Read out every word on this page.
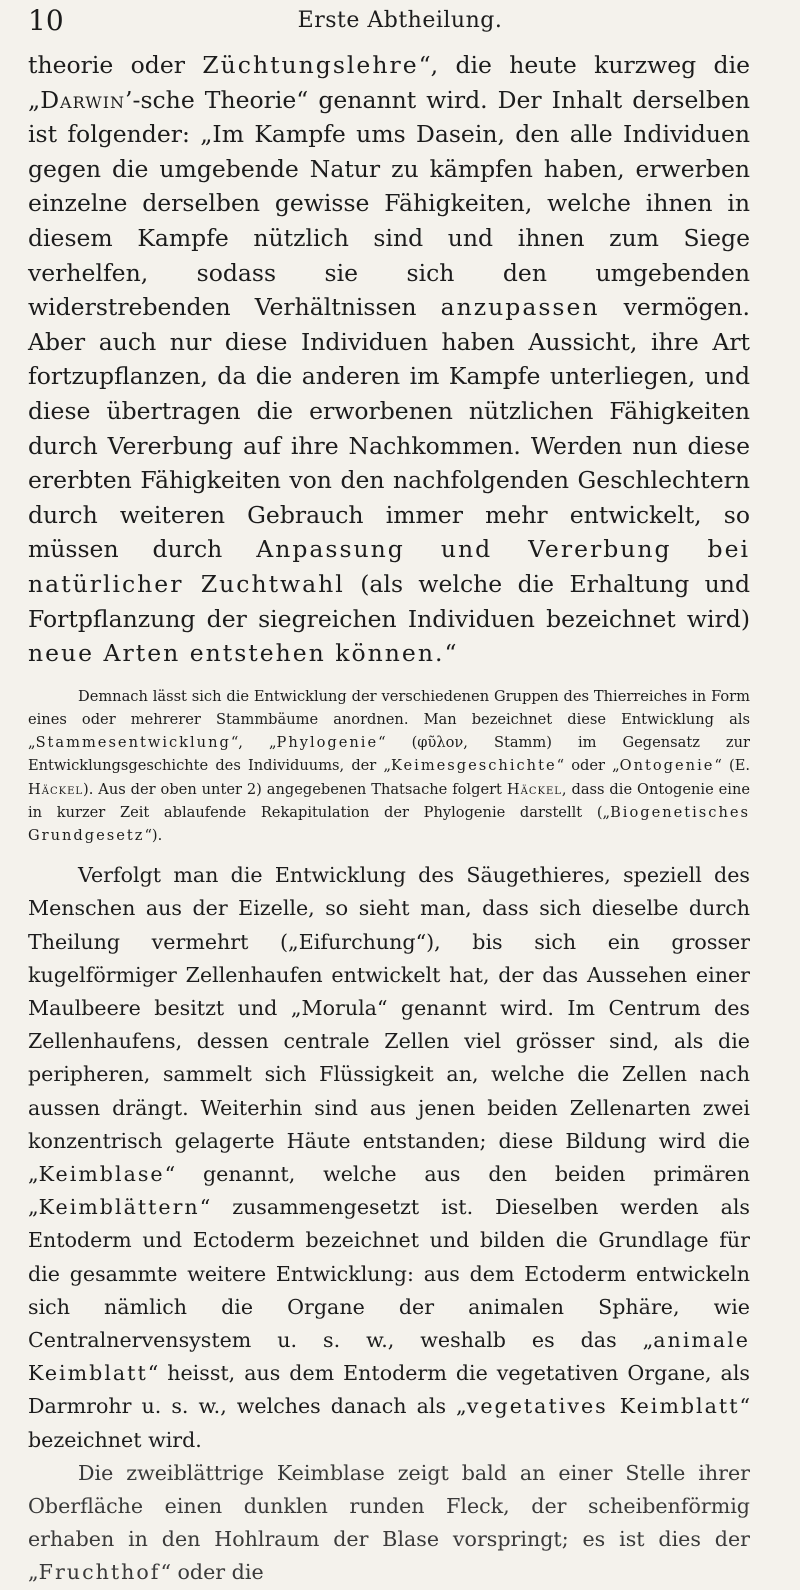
10	Erste Abtheilung.

theorie oder Züchtungslehre“, die heute kurzweg die „Darwin’-sche Theorie“ genannt wird. Der Inhalt derselben ist folgender: „Im Kampfe ums Dasein, den alle Individuen gegen die umgebende Natur zu kämpfen haben, erwerben einzelne derselben gewisse Fähigkeiten, welche ihnen in diesem Kampfe nützlich sind und ihnen zum Siege verhelfen, sodass sie sich den umgebenden widerstrebenden Verhältnissen anzupassen vermögen. Aber auch nur diese Individuen haben Aussicht, ihre Art fortzupflanzen, da die anderen im Kampfe unterliegen, und diese übertragen die erworbenen nützlichen Fähigkeiten durch Vererbung auf ihre Nachkommen. Werden nun diese ererbten Fähigkeiten von den nachfolgenden Geschlechtern durch weiteren Gebrauch immer mehr entwickelt, so müssen durch Anpassung und Vererbung bei natürlicher Zuchtwahl (als welche die Erhaltung und Fortpflanzung der siegreichen Individuen bezeichnet wird) neue Arten entstehen können.“

Demnach lässt sich die Entwicklung der verschiedenen Gruppen des Thierreiches in Form eines oder mehrerer Stammbäume anordnen. Man bezeichnet diese Entwicklung als „Stammesentwicklung“, „Phylogenie“ (φῦλον, Stamm) im Gegensatz zur Entwicklungsgeschichte des Individuums, der „Keimesgeschichte“ oder „Ontogenie“ (E. Häckel). Aus der oben unter 2) angegebenen Thatsache folgert Häckel, dass die Ontogenie eine in kurzer Zeit ablaufende Rekapitulation der Phylogenie darstellt („Biogenetisches Grundgesetz“).

Verfolgt man die Entwicklung des Säugethieres, speziell des Menschen aus der Eizelle, so sieht man, dass sich dieselbe durch Theilung vermehrt („Eifurchung“), bis sich ein grosser kugelförmiger Zellenhaufen entwickelt hat, der das Aussehen einer Maulbeere besitzt und „Morula“ genannt wird. Im Centrum des Zellenhaufens, dessen centrale Zellen viel grösser sind, als die peripheren, sammelt sich Flüssigkeit an, welche die Zellen nach aussen drängt. Weiterhin sind aus jenen beiden Zellenarten zwei konzentrisch gelagerte Häute entstanden; diese Bildung wird die „Keimblase“ genannt, welche aus den beiden primären „Keimblättern“ zusammengesetzt ist. Dieselben werden als Entoderm und Ectoderm bezeichnet und bilden die Grundlage für die gesammte weitere Entwicklung: aus dem Ectoderm entwickeln sich nämlich die Organe der animalen Sphäre, wie Centralnervensystem u. s. w., weshalb es das „animale Keimblatt“ heisst, aus dem Entoderm die vegetativen Organe, als Darmrohr u. s. w., welches danach als „vegetatives Keimblatt“ bezeichnet wird.

Die zweiblättrige Keimblase zeigt bald an einer Stelle ihrer Oberfläche einen dunklen runden Fleck, der scheibenförmig erhaben in den Hohlraum der Blase vorspringt; es ist dies der „Fruchthof“ oder die
